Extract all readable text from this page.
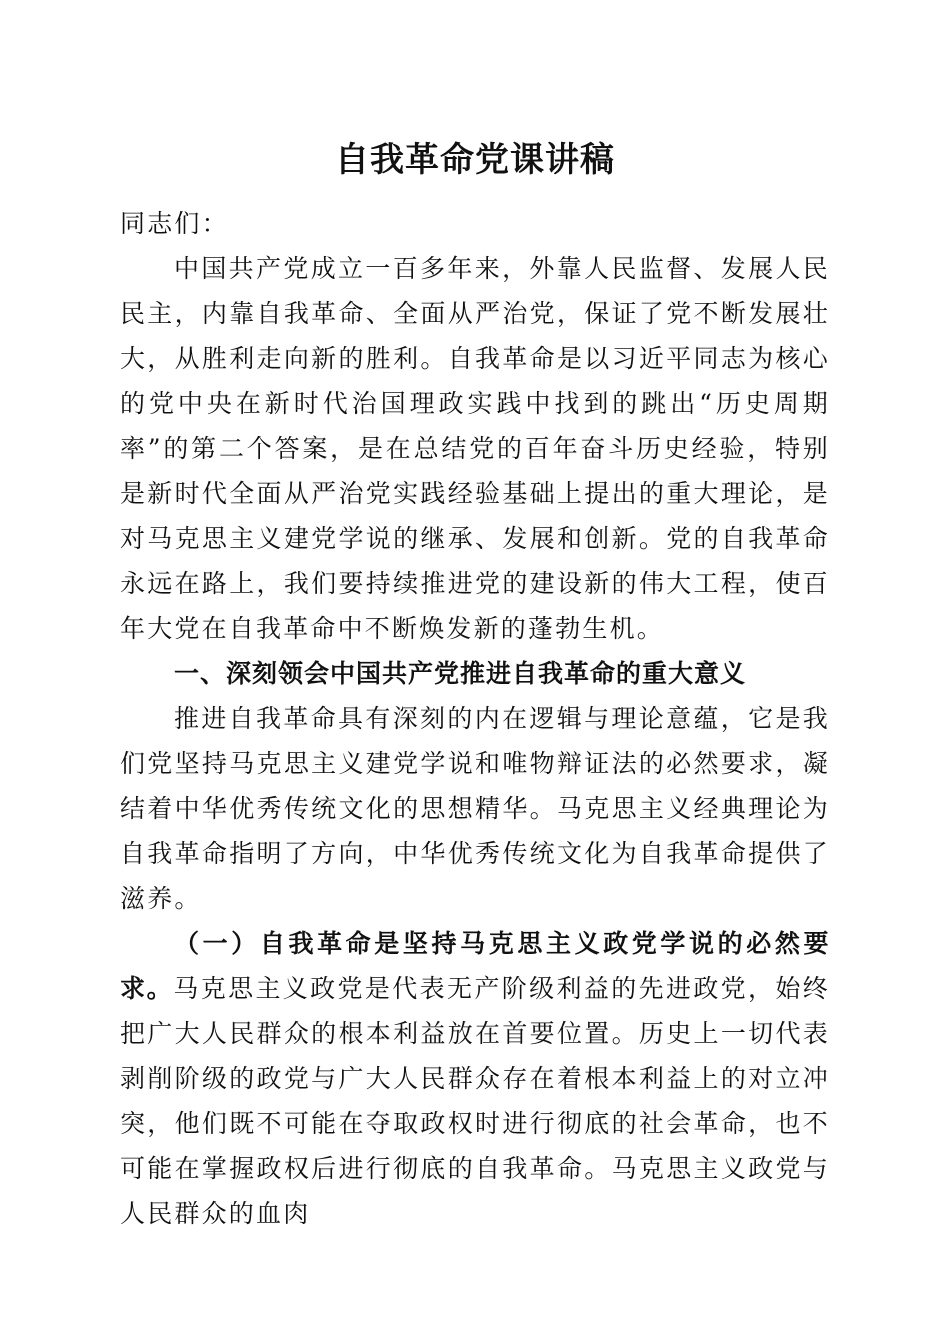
自我革命党课讲稿

同志们：

中国共产党成立一百多年来，外靠人民监督、发展人民民主，内靠自我革命、全面从严治党，保证了党不断发展壮大，从胜利走向新的胜利。自我革命是以习近平同志为核心的党中央在新时代治国理政实践中找到的跳出“历史周期率”的第二个答案，是在总结党的百年奋斗历史经验，特别是新时代全面从严治党实践经验基础上提出的重大理论，是对马克思主义建党学说的继承、发展和创新。党的自我革命永远在路上，我们要持续推进党的建设新的伟大工程，使百年大党在自我革命中不断焕发新的蓬勃生机。

一、深刻领会中国共产党推进自我革命的重大意义

推进自我革命具有深刻的内在逻辑与理论意蕴，它是我们党坚持马克思主义建党学说和唯物辩证法的必然要求，凝结着中华优秀传统文化的思想精华。马克思主义经典理论为自我革命指明了方向，中华优秀传统文化为自我革命提供了滋养。

（一）自我革命是坚持马克思主义政党学说的必然要求。马克思主义政党是代表无产阶级利益的先进政党，始终把广大人民群众的根本利益放在首要位置。历史上一切代表剥削阶级的政党与广大人民群众存在着根本利益上的对立冲突，他们既不可能在夺取政权时进行彻底的社会革命，也不可能在掌握政权后进行彻底的自我革命。马克思主义政党与人民群众的血肉
